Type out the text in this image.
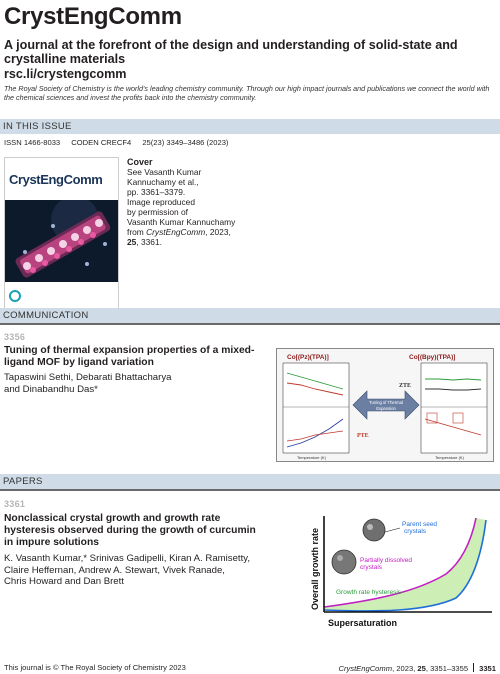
CrystEngComm
A journal at the forefront of the design and understanding of solid-state and crystalline materials
rsc.li/crystengcomm
The Royal Society of Chemistry is the world's leading chemistry community. Through our high impact journals and publications we connect the world with the chemical sciences and invest the profits back into the chemistry community.
IN THIS ISSUE
ISSN 1466-8033 CODEN CRECF4 25(23) 3349–3486 (2023)
CrystEngComm
Cover
See Vasanth Kumar
Kannuchamy et al.,
pp. 3361–3379.
Image reproduced
by permission of
Vasanth Kumar Kannuchamy
from CrystEngComm, 2023,
25, 3361.
COMMUNICATION
3356
Tuning of thermal expansion properties of a mixed-
ligand MOF by ligand variation
Tapaswini Sethi, Debarati Bhattacharya
and Dinabandhu Das*
Co[(Pz)(TPA)]	Co[(Bpy)(TPA)]
Temperature (K)	Temperature (K)
Tuning of Thermal
Expansion
ZTE
PTE
PAPERS
3361
Nonclassical crystal growth and growth rate
hysteresis observed during the growth of curcumin
in impure solutions
K. Vasanth Kumar,* Srinivas Gadipelli, Kiran A. Ramisetty,
Claire Heffernan, Andrew A. Stewart, Vivek Ranade,
Chris Howard and Dan Brett
Parent seed
crystals
Partially dissolved
crystals
Growth rate hysteresis
Overall growth rate
Supersaturation
This journal is © The Royal Society of Chemistry 2023	CrystEngComm, 2023, 25, 3351–3355 3351
